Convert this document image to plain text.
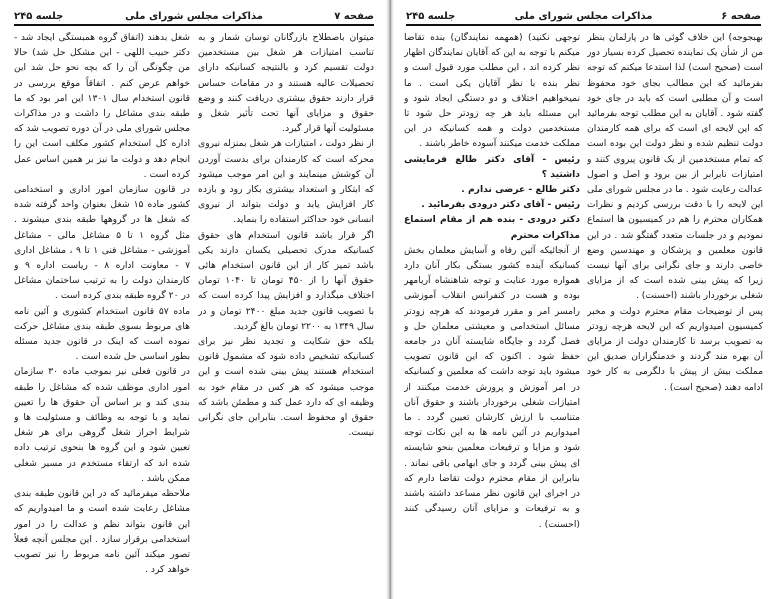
صفحه ۷
مذاکرات مجلس شورای ملی
جلسه ۲۴۵

میتوان باصطلاح بازرگانان توسان شمار و به تناسب امتیازات هر شغل بین مستخدمین دولت تقسیم کرد و بالنتیجه کسانیکه دارای تحصیلات عالیه هستند و در مقامات حساس قرار دارند حقوق بیشتری دریافت کنند و وضع حقوق و مزایای آنها تحت تأثیر شغل و مسئولیت آنها قرار گیرد.

از نظر دولت ، امتیازات هر شغل بمنزله نیروی محرکه است که کارمندان برای بدست آوردن آن کوشش مینمایند و این امر موجب میشود که ابتکار و استعداد بیشتری بکار رود و بازده کار افزایش یابد و دولت بتواند از نیروی انسانی خود حداکثر استفاده را بنماید.

اگر قرار باشد قانون استخدام های حقوق کسانیکه مدرک تحصیلی یکسان دارند یکی باشد تمیز کار از این قانون استخدام هائی حقوق آنها را از ۴۵۰ تومان تا ۱۰۴۰ تومان اختلاف میگذارد و افزایش پیدا کرده است که با تصویب قانون جدید مبلغ ۲۴۰۰ تومان و در سال ۱۳۴۹ به ۲۲۰۰ تومان بالغ گردید.

بلکه حق شکایت و تجدید نظر نیز برای کسانیکه تشخیص داده شود که مشمول قانون استخدام هستند پیش بینی شده است و این موجب میشود که هر کس در مقام خود به وظیفه ای که دارد عمل کند و مطمئن باشد که حقوق او محفوظ است. بنابراین جای نگرانی نیست.

شغل بدهند (اتفاق گروه همبستگی ایجاد شد - دکتر حبیب اللهی - این مشکل حل شد) حالا من چگونگی آن را که بچه نحو حل شد این خواهم عرض کنم . اتفاقاً موقع بررسی در قانون استخدام سال ۱۳۰۱ این امر بود که ما طبقه بندی مشاغل را داشت و در مذاکرات مجلس شورای ملی در آن دوره تصویب شد که اداره کل استخدام کشور مکلف است این را انجام دهد و دولت ما نیز بر همین اساس عمل کرده است .

در قانون سازمان امور اداری و استخدامی کشور ماده ۱۵ شغل بعنوان واحد گرفته شده که شغل ها در گروهها طبقه بندی میشوند . مثل گروه ۱ تا ۵ مشاغل مالی - مشاغل آموزشی - مشاغل فنی ۱ تا ۹ ، مشاغل اداری ۷ - معاونت اداره ۸ - ریاست اداره ۹ و کارمندان دولت را به ترتیب ساختمان مشاغل در ۲۰ گروه طبقه بندی کرده است .

ماده ۵۷ قانون استخدام کشوری و آئین نامه های مربوط بسوی طبقه بندی مشاغل حرکت نموده است که اینک در قانون جدید مسئله بطور اساسی حل شده است .

در قانون فعلی نیز بموجب ماده ۳۰ سازمان امور اداری موظف شده که مشاغل را طبقه بندی کند و بر اساس آن حقوق ها را تعیین نماید و با توجه به وظائف و مسئولیت ها و شرایط احراز شغل گروهی برای هر شغل تعیین شود و این گروه ها بنحوی ترتیب داده شده اند که ارتقاء مستخدم در مسیر شغلی ممکن باشد .

ملاحظه میفرمائید که در این قانون طبقه بندی مشاغل رعایت شده است و ما امیدواریم که این قانون بتواند نظم و عدالت را در امور استخدامی برقرار سازد . این مجلس آنچه فعلاً تصور میکند آئین نامه مربوط را نیز تصویب خواهد کرد .

صفحه ۶
مذاکرات مجلس شورای ملی
جلسه ۲۴۵

بهبجوجه) این خلاف گوئی ها در پارلمان بنظر من از شأن یک نماینده تحصیل کرده بسیار دور است (صحیح است) لذا استدعا میکنم که توجه بفرمائید که این مطالب بجای خود محفوظ است و آن مطلبی است که باید در جای خود گفته شود . آقایان به این مطلب توجه بفرمائید که این لایحه ای است که برای همه کارمندان دولت تنظیم شده و نظر دولت این بوده است که تمام مستخدمین از یک قانون پیروی کنند و امتیازات نابرابر از بین برود و اصل و اصول عدالت رعایت شود . ما در مجلس شورای ملی این لایحه را با دقت بررسی کردیم و نظرات همکاران محترم را هم در کمیسیون ها استماع نمودیم و در جلسات متعدد گفتگو شد . در این قانون معلمین و پزشکان و مهندسین وضع خاصی دارند و جای نگرانی برای آنها نیست زیرا که پیش بینی شده است که از مزایای شغلی برخوردار باشند (احسنت) .

پس از توضیحات مقام محترم دولت و مخبر کمیسیون امیدواریم که این لایحه هرچه زودتر به تصویب برسد تا کارمندان دولت از مزایای آن بهره مند گردند و خدمتگزاران صدیق این مملکت بیش از پیش با دلگرمی به کار خود ادامه دهند (صحیح است) .

توجهی نکنید) (همهمه نمایندگان) بنده تقاضا میکنم با توجه به این که آقایان نمایندگان اظهار نظر کرده اند ، این مطلب مورد قبول است و نظر بنده با نظر آقایان یکی است . ما نمیخواهیم اختلاف و دو دستگی ایجاد شود و این مسئله باید هر چه زودتر حل شود تا مستخدمین دولت و همه کسانیکه در این مملکت خدمت میکنند آسوده خاطر باشند .

رئیس - آقای دکتر طالع فرمایشی داشتید ؟

دکتر طالع - عرضی ندارم .

رئیس - آقای دکتر درودی بفرمائید .

دکتر درودی - بنده هم از مقام استماع مذاکرات محترم

از آنجائیکه آئین رفاه و آسایش معلمان بخش کسانیکه آینده کشور بستگی بکار آنان دارد همواره مورد عنایت و توجه شاهنشاه آریامهر بوده و هست در کنفرانس انقلاب آموزشی رامسر امر و مقرر فرمودند که هرچه زودتر مسائل استخدامی و معیشتی معلمان حل و فصل گردد و جایگاه شایسته آنان در جامعه حفظ شود . اکنون که این قانون تصویب میشود باید توجه داشت که معلمین و کسانیکه در امر آموزش و پرورش خدمت میکنند از امتیازات شغلی برخوردار باشند و حقوق آنان متناسب با ارزش کارشان تعیین گردد . ما امیدواریم در آئین نامه ها به این نکات توجه شود و مزایا و ترفیعات معلمین بنحو شایسته ای پیش بینی گردد و جای ابهامی باقی نماند . بنابراین از مقام محترم دولت تقاضا دارم که در اجرای این قانون نظر مساعد داشته باشند و به ترفیعات و مزایای آنان رسیدگی کنند (احسنت) .
